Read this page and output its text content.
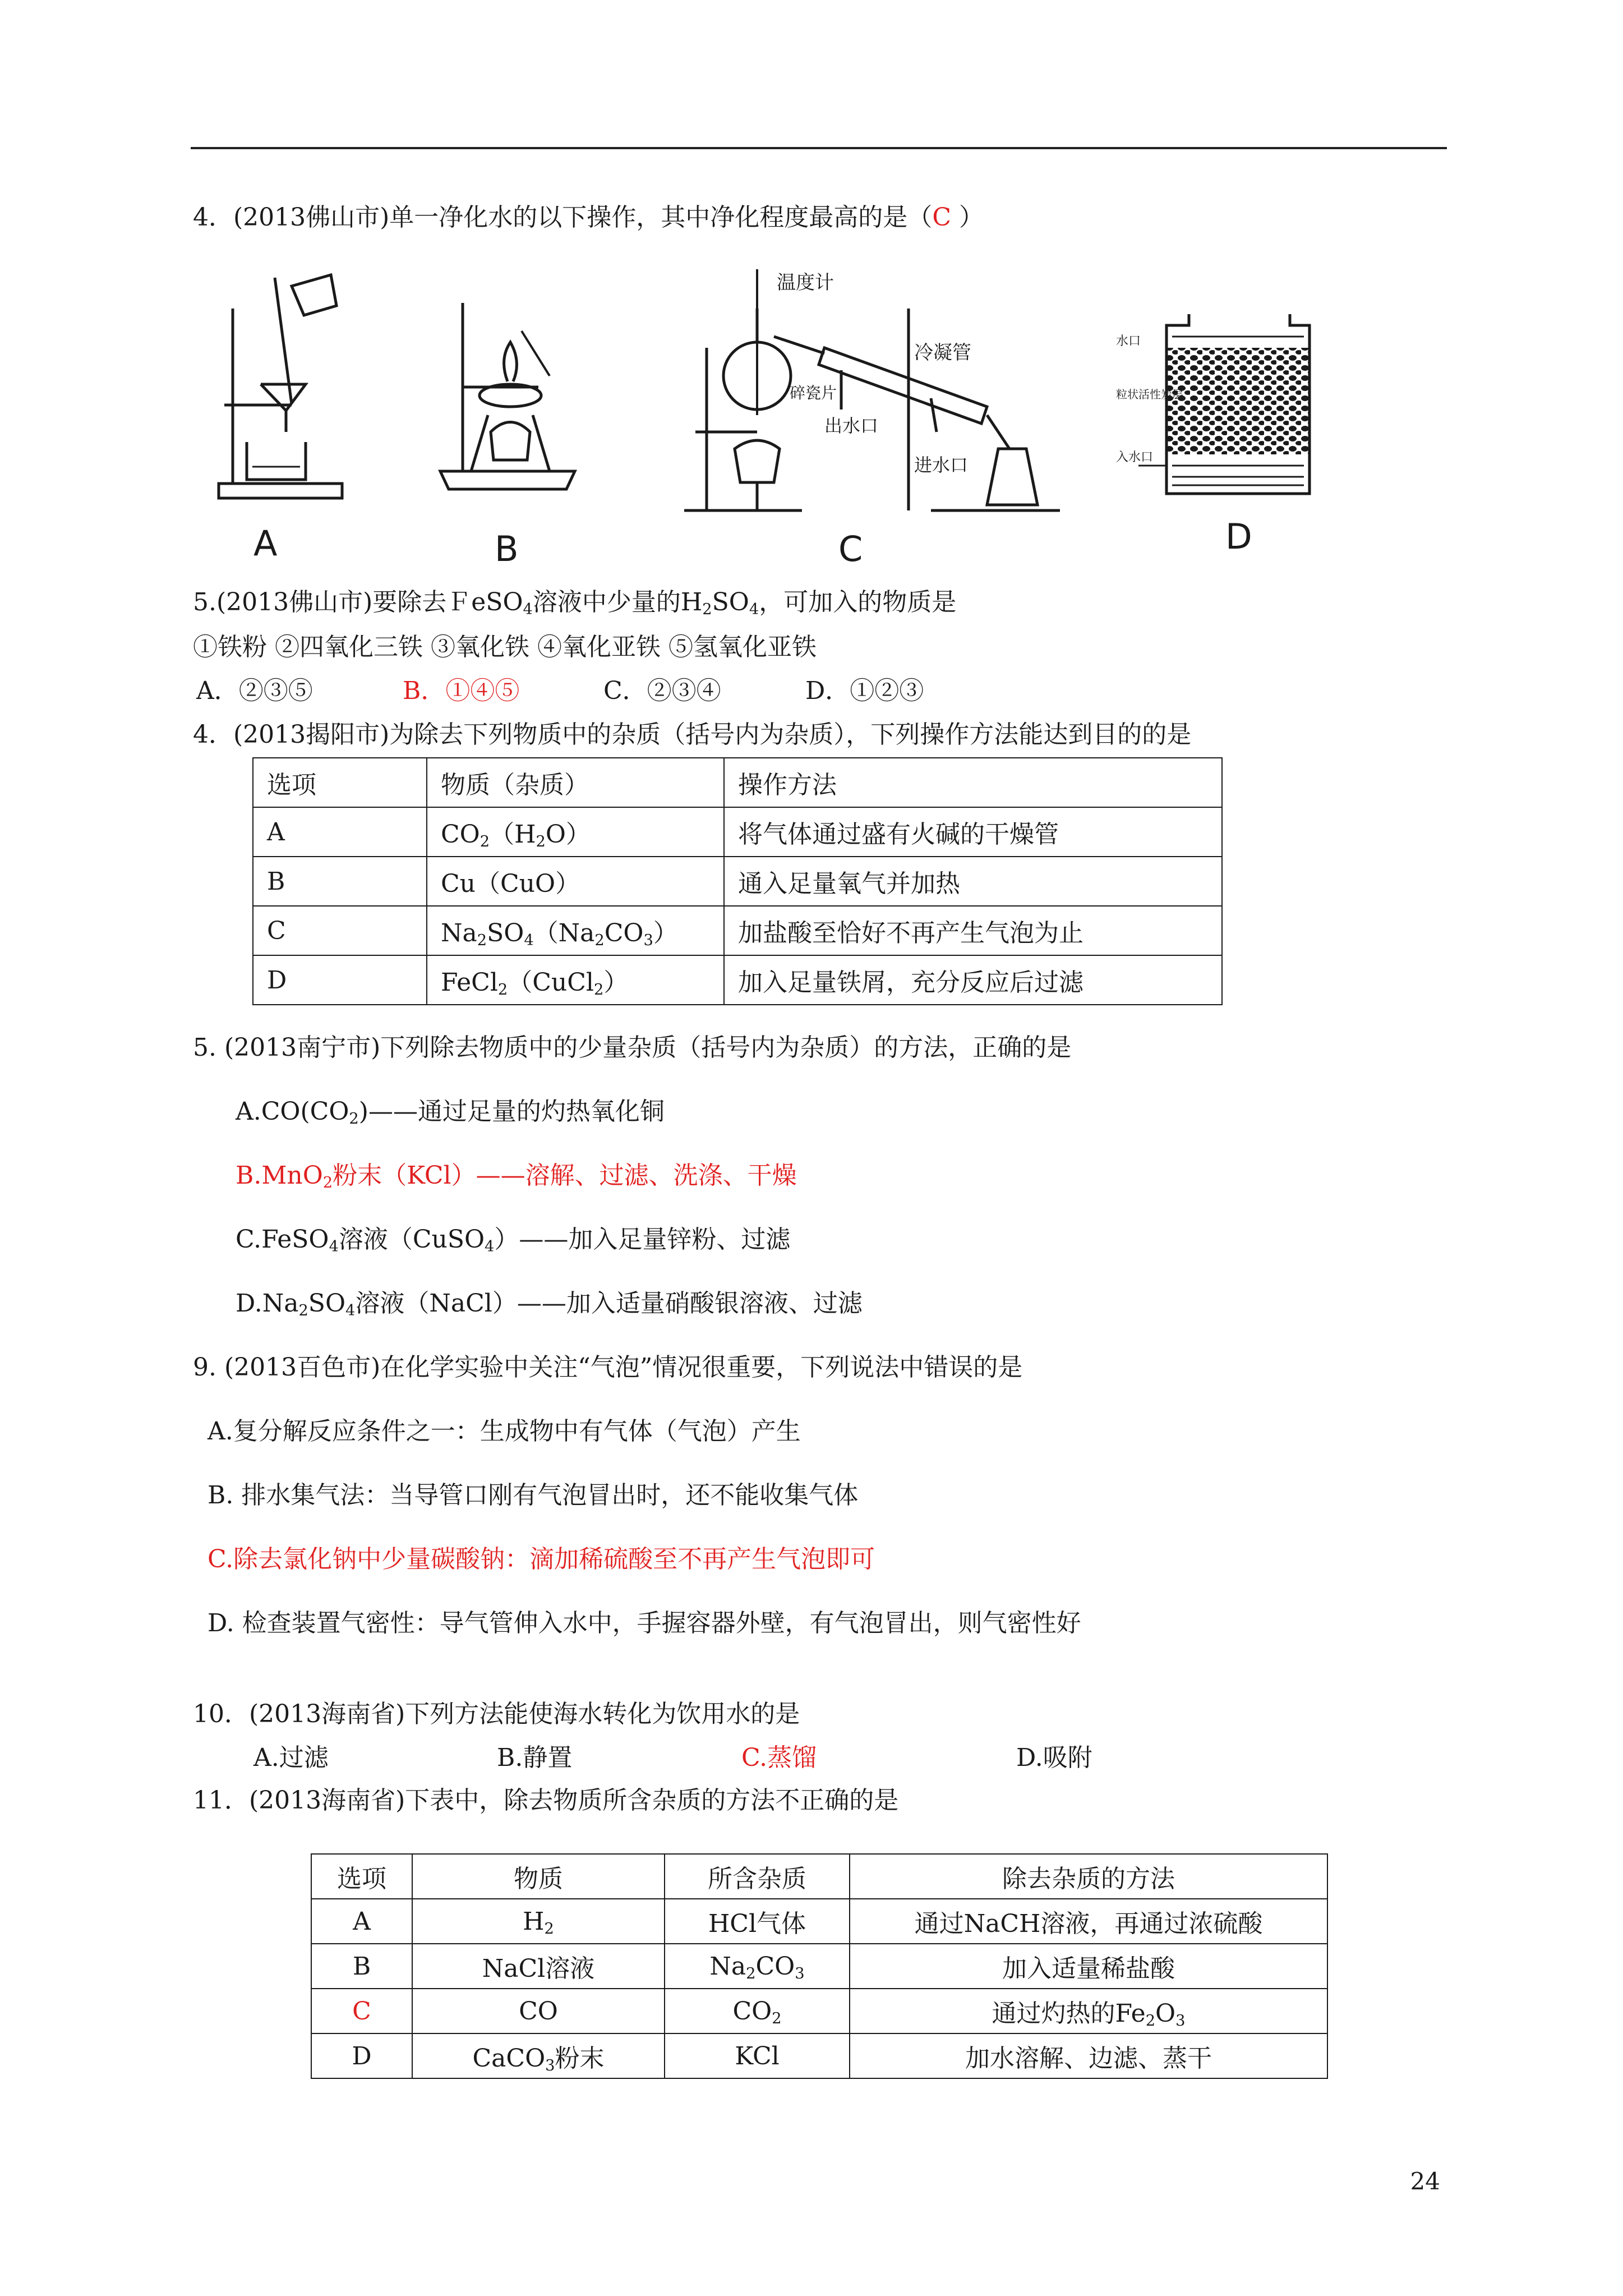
4．(2013佛山市)单一净化水的以下操作，其中净化程度最高的是（C ）
A	B
温度计
冷凝管
碎瓷片
出水口
进水口
C
水口
粒状活性炭层
入水口
D
5.(2013佛山市)要除去ＦeSO$_4$溶液中少量的$H_2SO_4$，可加入的物质是
①铁粉 ②四氧化三铁 ③氧化铁 ④氧化亚铁 ⑤氢氧化亚铁
A．②③⑤	B．①④⑤	C．②③④	D．①②③
4．(2013揭阳市)为除去下列物质中的杂质（括号内为杂质），下列操作方法能达到目的的是
选项	物质（杂质）	操作方法
A	$CO_2(H_2O)$	将气体通过盛有火碱的干燥管
B	Cu（CuO）	通入足量氧气并加热
C	$Na_2SO_4(Na_2CO_3)$	加盐酸至恰好不再产生气泡为止
D	FeCl$_2$（CuCl$_2$）	加入足量铁屑，充分反应后过滤
5. (2013南宁市)下列除去物质中的少量杂质（括号内为杂质）的方法，正确的是
$A.CO(CO_2)——$通过足量的灼热氧化铜
B.MnO$_2$粉末（KCl）——溶解、过滤、洗涤、干燥
C.FeSO$_4$溶液（CuSO$_4$）——加入足量锌粉、过滤
$D.Na_2SO_4$溶液（NaCl）——加入适量硝酸银溶液、过滤
9. (2013百色市)在化学实验中关注“气泡”情况很重要，下列说法中错误的是
A.复分解反应条件之一：生成物中有气体（气泡）产生
B. 排水集气法：当导管口刚有气泡冒出时，还不能收集气体
C.除去氯化钠中少量碳酸钠：滴加稀硫酸至不再产生气泡即可
D. 检查装置气密性：导气管伸入水中，手握容器外壁，有气泡冒出，则气密性好
10．(2013海南省)下列方法能使海水转化为饮用水的是
A.过滤	B.静置	C.蒸馏	D.吸附
11．(2013海南省)下表中，除去物质所含杂质的方法不正确的是
选项	物质	所含杂质	除去杂质的方法
A	$H_2$	HCl气体	通过NaCH溶液，再通过浓硫酸
B	NaCl溶液	$Na_2CO_3$	加入适量稀盐酸
C	CO	$CO_2$	通过灼热的$Fe_2O_3$
D	CaCO$_3$粉末	KCl	加水溶解、边滤、蒸干
24
